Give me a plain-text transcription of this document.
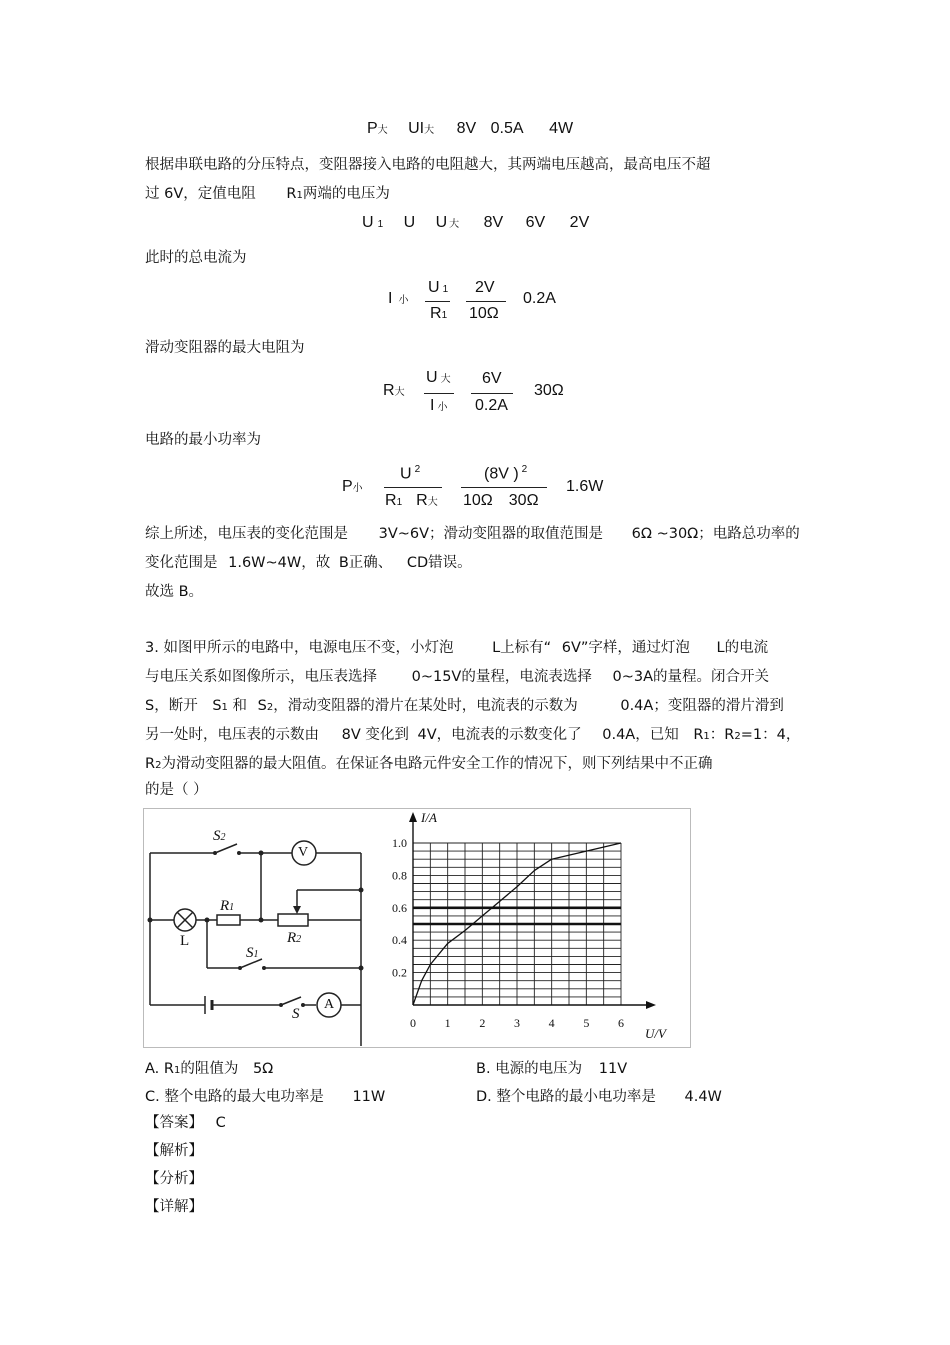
P大 UI大 8V 0.5A 4W
根据串联电路的分压特点，变阻器接入电路的电阻越大，其两端电压越高，最高电压不超
过 6V，定值电阻 R1两端的电压为
U 1 U U 大 8V 6V 2V
此时的总电流为
I小
U 1
R1
2V
10Ω
0.2A
滑动变阻器的最大电阻为
R大
U大
I小
6V
0.2A
30Ω
电路的最小功率为
P小
U $^2$
R1 R大
(8V ) $^2$
10Ω 30Ω
1.6W
综上所述，电压表的变化范围是 3V~6V；滑动变阻器的取值范围是 6Ω ~30Ω；电路总功率的
变化范围是 1.6W~4W，故 B正确、 CD错误。
故选 B。
3. 如图甲所示的电路中，电源电压不变，小灯泡	L上标有“ 6V”字样，通过灯泡 L的电流
与电压关系如图像所示，电压表选择 0~15V的量程，电流表选择 0~3A的量程。闭合开关
S，断开 S1 和 S2，滑动变阻器的滑片在某处时，电流表的示数为	0.4A；变阻器的滑片滑到
另一处时，电压表的示数由 8V 变化到 4V，电流表的示数变化了 0.4A，已知 R1：R2=1：4，
R2为滑动变阻器的最大阻值。在保证各电路元件安全工作的情况下，则下列结果中不正确
的是（ ）
S2
V
R1
L	R2
S1
S
A
0 1 2 3 4 5 6
0.2
0.4
0.6
0.8
1.0
I/A
U/V
A. R1的阻值为 5Ω	B. 电源的电压为 11V
C. 整个电路的最大电功率是 11W	D. 整个电路的最小电功率是 4.4W
【答案】 C
【解析】
【分析】
【详解】
